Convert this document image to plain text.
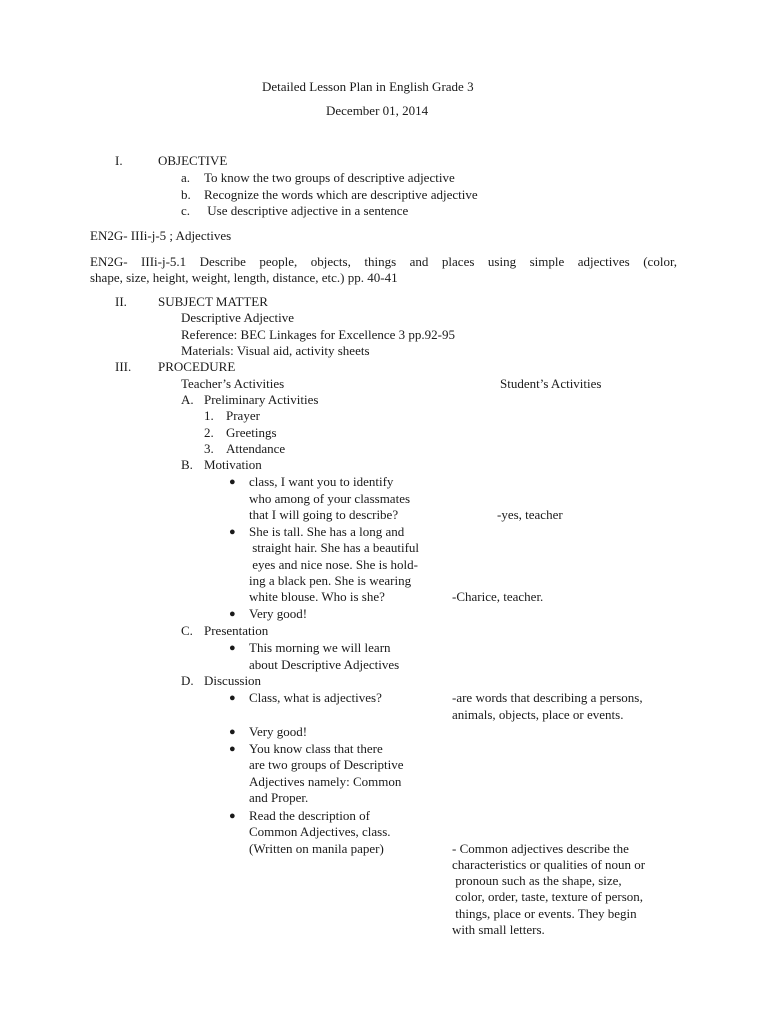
Detailed Lesson Plan in English Grade 3
December 01, 2014
I.	OBJECTIVE
a. To know the two groups of descriptive adjective
b. Recognize the words which are descriptive adjective
c. Use descriptive adjective in a sentence
EN2G- IIIi-j-5 ; Adjectives
EN2G- IIIi-j-5.1 Describe people, objects, things and places using simple adjectives (color,
shape, size, height, weight, length, distance, etc.) pp. 40-41
II. SUBJECT MATTER
Descriptive Adjective
Reference: BEC Linkages for Excellence 3 pp.92-95
Materials: Visual aid, activity sheets
III. PROCEDURE
Teacher’s Activities	Student’s Activities
A. Preliminary Activities
1. Prayer
2. Greetings
3. Attendance
B. Motivation
● class, I want you to identify
who among of your classmates
that I will going to describe?	-yes, teacher
● She is tall. She has a long and
straight hair. She has a beautiful
eyes and nice nose. She is hold-
ing a black pen. She is wearing
white blouse. Who is she?	-Charice, teacher.
● Very good!
C. Presentation
● This morning we will learn
about Descriptive Adjectives
D. Discussion
● Class, what is adjectives?	-are words that describing a persons,
animals, objects, place or events.
● Very good!
● You know class that there
are two groups of Descriptive
Adjectives namely: Common
and Proper.
● Read the description of
Common Adjectives, class.
(Written on manila paper)	- Common adjectives describe the
characteristics or qualities of noun or
pronoun such as the shape, size,
color, order, taste, texture of person,
things, place or events. They begin
with small letters.
